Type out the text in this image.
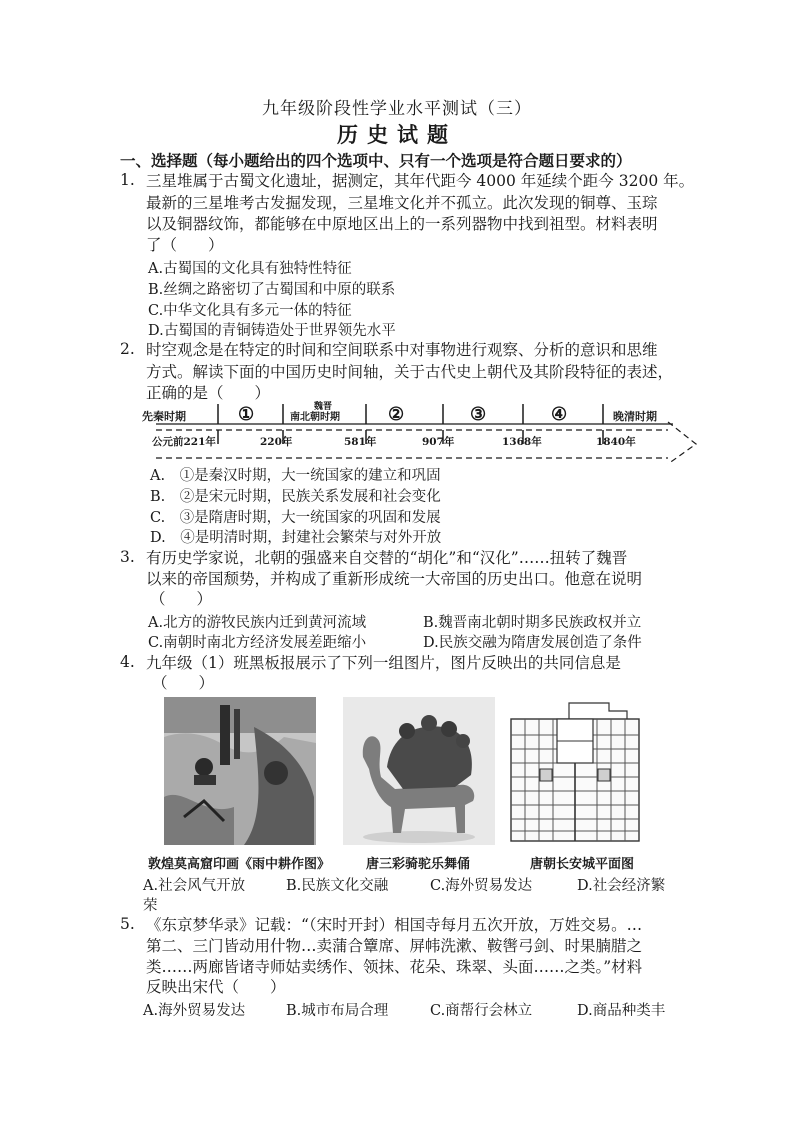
九年级阶段性学业水平测试（三）
历史试题
一、选择题（每小题给出的四个选项中、只有一个选项是符合题日要求的）
1. 三星堆属于古蜀文化遗址，据测定，其年代距今 4000 年延续个距今 3200 年。
最新的三星堆考古发掘发现，三星堆文化并不孤立。此次发现的铜尊、玉琮
以及铜器纹饰，都能够在中原地区出上的一系列器物中找到祖型。材料表明
了（　　）
A.古蜀国的文化具有独特性特征
B.丝绸之路密切了古蜀国和中原的联系
C.中华文化具有多元一体的特征
D.古蜀国的青铜铸造处于世界领先水平
2. 时空观念是在特定的时间和空间联系中对事物进行观察、分析的意识和思维
方式。解读下面的中国历史时间轴，关于古代史上朝代及其阶段特征的表述，
正确的是（　　）
先秦时期	①	魏晋
南北朝时期	②	③	④	晚清时期
公元前221年	220年	581年	907年	1368年	1840年
A.　①是秦汉时期，大一统国家的建立和巩固
B.　②是宋元时期，民族关系发展和社会变化
C.　③是隋唐时期，大一统国家的巩固和发展
D.　④是明清时期，封建社会繁荣与对外开放
3. 有历史学家说，北朝的强盛来自交替的“胡化”和“汉化”……扭转了魏晋
以来的帝国颓势，并构成了重新形成统一大帝国的历史出口。他意在说明
（　　）
A.北方的游牧民族内迁到黄河流域	B.魏晋南北朝时期多民族政权并立
C.南朝时南北方经济发展差距缩小	D.民族交融为隋唐发展创造了条件
4. 九年级（1）班黑板报展示了下列一组图片，图片反映出的共同信息是
（　　）
敦煌莫高窟印画《雨中耕作图》	唐三彩骑驼乐舞俑	唐朝长安城平面图
A.社会风气开放	B.民族文化交融	C.海外贸易发达	D.社会经济繁
荣
5. 《东京梦华录》记载：“（宋时开封）相国寺每月五次开放，万姓交易。…
第二、三门皆动用什物…卖蒲合簟席、屏帏洗漱、鞍辔弓剑、时果腩腊之
类……两廊皆诸寺师姑卖绣作、领抹、花朵、珠翠、头面……之类。”材料
反映出宋代（　　）
A.海外贸易发达	B.城市布局合理	C.商帮行会林立	D.商品种类丰
